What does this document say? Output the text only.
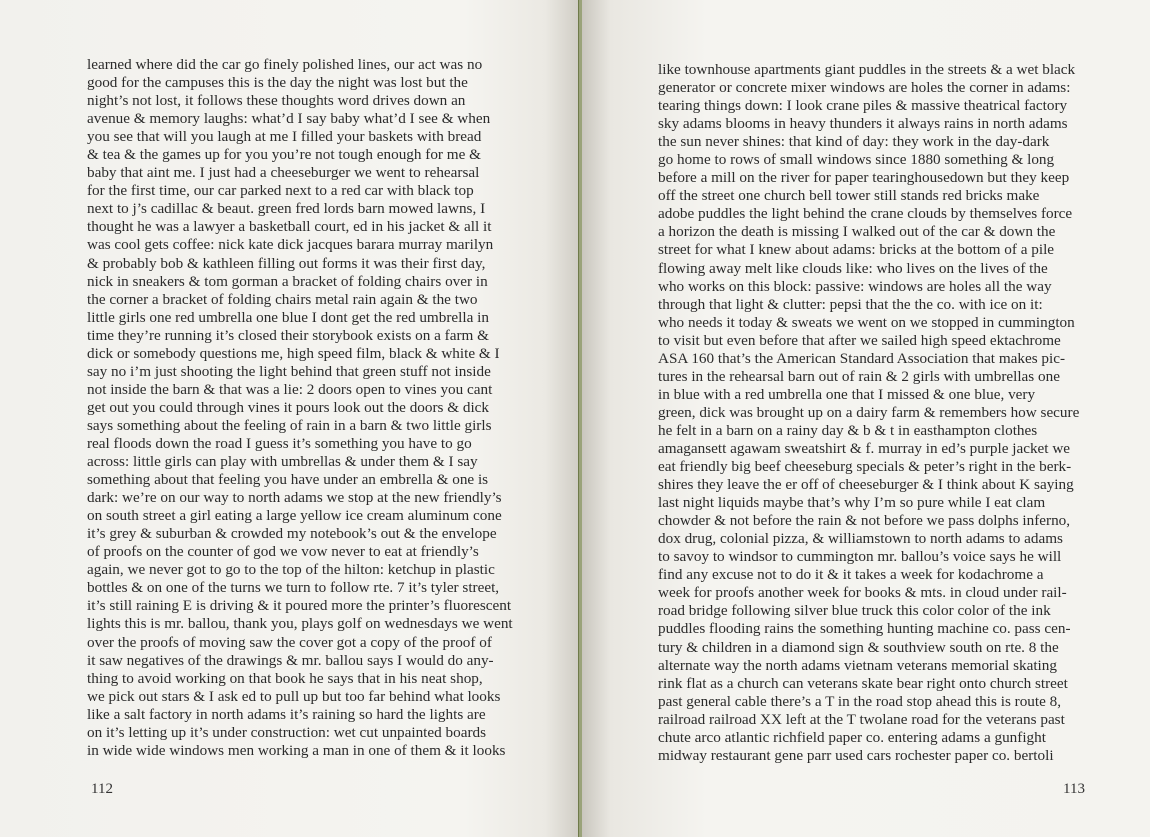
learned where did the car go finely polished lines, our act was no
good for the campuses this is the day the night was lost but the
night’s not lost, it follows these thoughts word drives down an
avenue & memory laughs: what’d I say baby what’d I see & when
you see that will you laugh at me I filled your baskets with bread
& tea & the games up for you you’re not tough enough for me &
baby that aint me. I just had a cheeseburger we went to rehearsal
for the first time, our car parked next to a red car with black top
next to j’s cadillac & beaut. green fred lords barn mowed lawns, I
thought he was a lawyer a basketball court, ed in his jacket & all it
was cool gets coffee: nick kate dick jacques barara murray marilyn
& probably bob & kathleen filling out forms it was their first day,
nick in sneakers & tom gorman a bracket of folding chairs over in
the corner a bracket of folding chairs metal rain again & the two
little girls one red umbrella one blue I dont get the red umbrella in
time they’re running it’s closed their storybook exists on a farm &
dick or somebody questions me, high speed film, black & white & I
say no i’m just shooting the light behind that green stuff not inside
not inside the barn & that was a lie: 2 doors open to vines you cant
get out you could through vines it pours look out the doors & dick
says something about the feeling of rain in a barn & two little girls
real floods down the road I guess it’s something you have to go
across: little girls can play with umbrellas & under them & I say
something about that feeling you have under an embrella & one is
dark: we’re on our way to north adams we stop at the new friendly’s
on south street a girl eating a large yellow ice cream aluminum cone
it’s grey & suburban & crowded my notebook’s out & the envelope
of proofs on the counter of god we vow never to eat at friendly’s
again, we never got to go to the top of the hilton: ketchup in plastic
bottles & on one of the turns we turn to follow rte. 7 it’s tyler street,
it’s still raining E is driving & it poured more the printer’s fluorescent
lights this is mr. ballou, thank you, plays golf on wednesdays we went
over the proofs of moving saw the cover got a copy of the proof of
it saw negatives of the drawings & mr. ballou says I would do any-
thing to avoid working on that book he says that in his neat shop,
we pick out stars & I ask ed to pull up but too far behind what looks
like a salt factory in north adams it’s raining so hard the lights are
on it’s letting up it’s under construction: wet cut unpainted boards
in wide wide windows men working a man in one of them & it looks

112

like townhouse apartments giant puddles in the streets & a wet black
generator or concrete mixer windows are holes the corner in adams:
tearing things down: I look crane piles & massive theatrical factory
sky adams blooms in heavy thunders it always rains in north adams
the sun never shines: that kind of day: they work in the day-dark
go home to rows of small windows since 1880 something & long
before a mill on the river for paper tearinghousedown but they keep
off the street one church bell tower still stands red bricks make
adobe puddles the light behind the crane clouds by themselves force
a horizon the death is missing I walked out of the car & down the
street for what I knew about adams: bricks at the bottom of a pile
flowing away melt like clouds like: who lives on the lives of the
who works on this block: passive: windows are holes all the way
through that light & clutter: pepsi that the the co. with ice on it:
who needs it today & sweats we went on we stopped in cummington
to visit but even before that after we sailed high speed ektachrome
ASA 160 that’s the American Standard Association that makes pic-
tures in the rehearsal barn out of rain & 2 girls with umbrellas one
in blue with a red umbrella one that I missed & one blue, very
green, dick was brought up on a dairy farm & remembers how secure
he felt in a barn on a rainy day & b & t in easthampton clothes
amagansett agawam sweatshirt & f. murray in ed’s purple jacket we
eat friendly big beef cheeseburg specials & peter’s right in the berk-
shires they leave the er off of cheeseburger & I think about K saying
last night liquids maybe that’s why I’m so pure while I eat clam
chowder & not before the rain & not before we pass dolphs inferno,
dox drug, colonial pizza, & williamstown to north adams to adams
to savoy to windsor to cummington mr. ballou’s voice says he will
find any excuse not to do it & it takes a week for kodachrome a
week for proofs another week for books & mts. in cloud under rail-
road bridge following silver blue truck this color color of the ink
puddles flooding rains the something hunting machine co. pass cen-
tury & children in a diamond sign & southview south on rte. 8 the
alternate way the north adams vietnam veterans memorial skating
rink flat as a church can veterans skate bear right onto church street
past general cable there’s a T in the road stop ahead this is route 8,
railroad railroad XX left at the T twolane road for the veterans past
chute arco atlantic richfield paper co. entering adams a gunfight
midway restaurant gene parr used cars rochester paper co. bertoli

113
